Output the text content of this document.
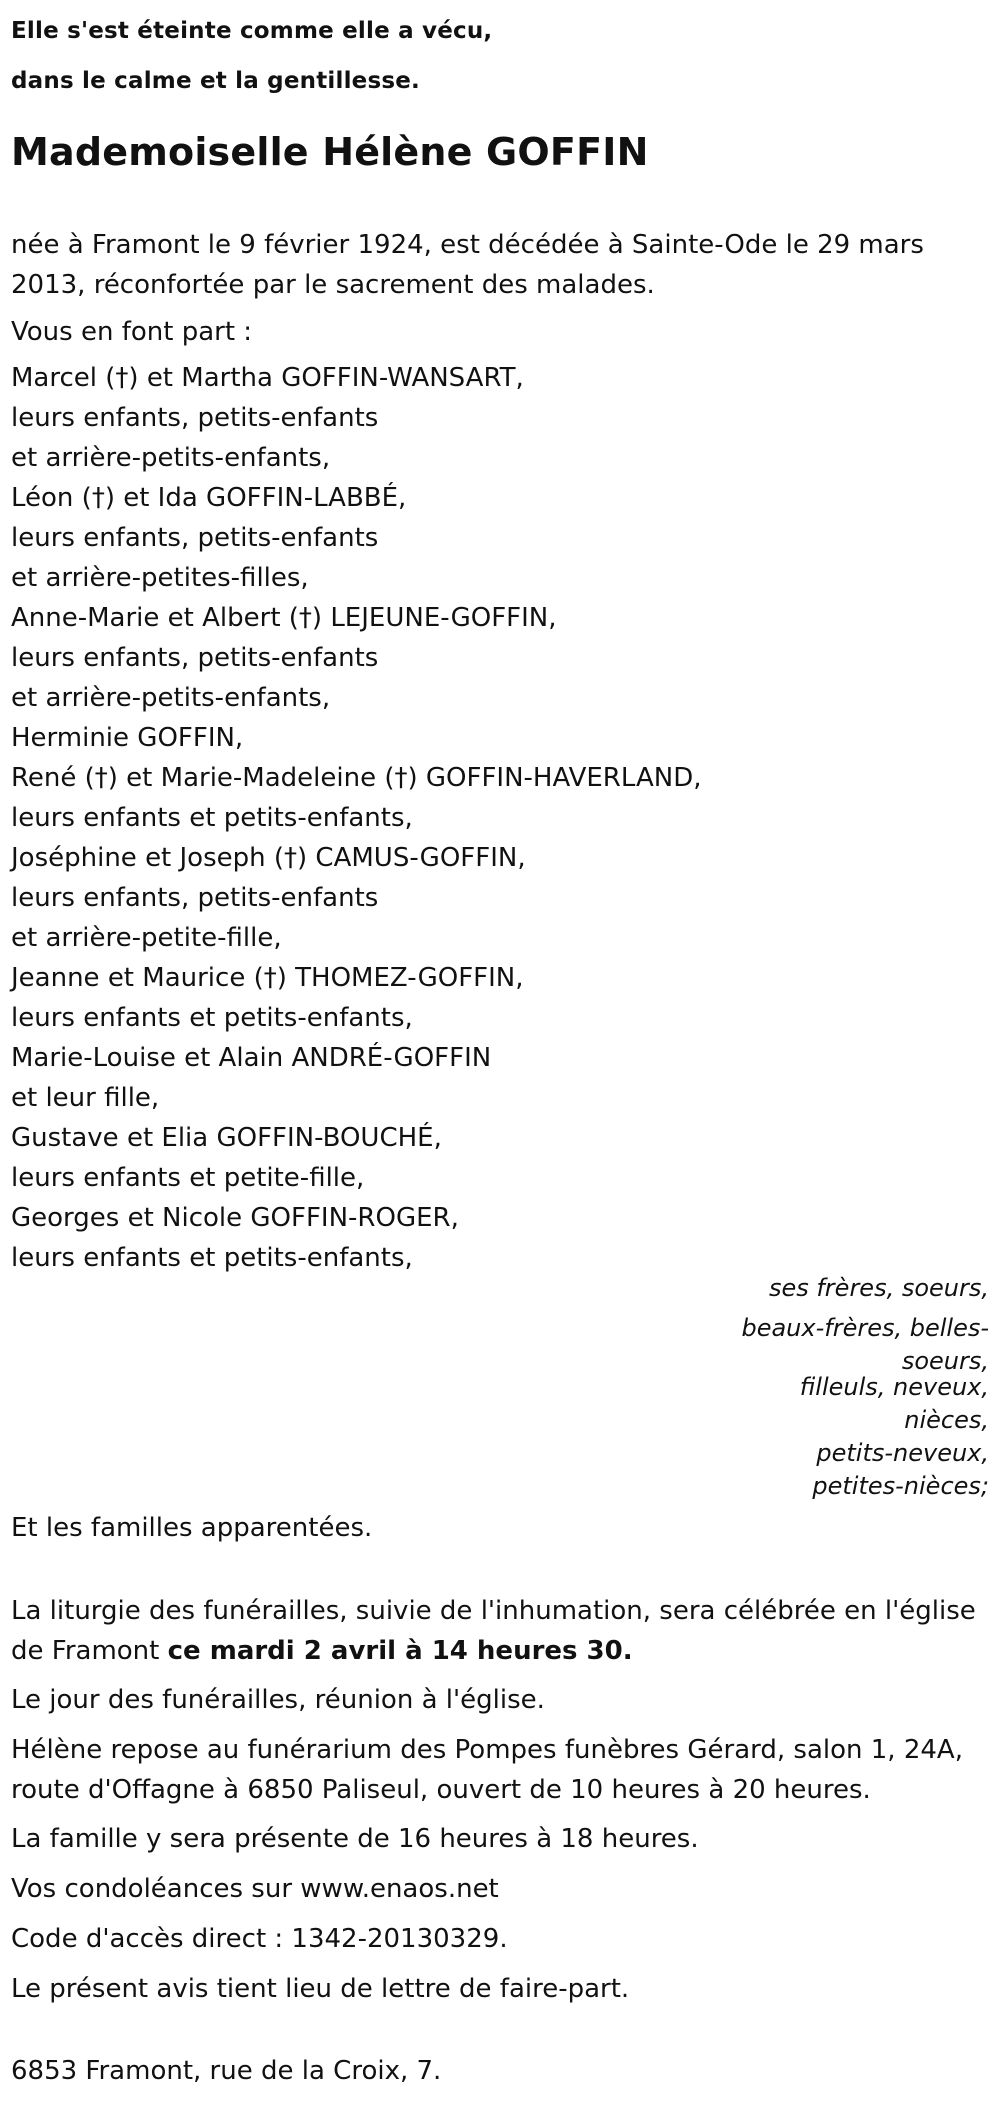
Elle s'est éteinte comme elle a vécu,
dans le calme et la gentillesse.
Mademoiselle Hélène GOFFIN
née à Framont le 9 février 1924, est décédée à Sainte-Ode le 29 mars
2013, réconfortée par le sacrement des malades.
Vous en font part :
Marcel (†) et Martha GOFFIN-WANSART,
leurs enfants, petits-enfants
et arrière-petits-enfants,
Léon (†) et Ida GOFFIN-LABBÉ,
leurs enfants, petits-enfants
et arrière-petites-filles,
Anne-Marie et Albert (†) LEJEUNE-GOFFIN,
leurs enfants, petits-enfants
et arrière-petits-enfants,
Herminie GOFFIN,
René (†) et Marie-Madeleine (†) GOFFIN-HAVERLAND,
leurs enfants et petits-enfants,
Joséphine et Joseph (†) CAMUS-GOFFIN,
leurs enfants, petits-enfants
et arrière-petite-fille,
Jeanne et Maurice (†) THOMEZ-GOFFIN,
leurs enfants et petits-enfants,
Marie-Louise et Alain ANDRÉ-GOFFIN
et leur fille,
Gustave et Elia GOFFIN-BOUCHÉ,
leurs enfants et petite-fille,
Georges et Nicole GOFFIN-ROGER,
leurs enfants et petits-enfants,
ses frères, soeurs,
beaux-frères, belles-
soeurs,
filleuls, neveux,
nièces,
petits-neveux,
petites-nièces;
Et les familles apparentées.
La liturgie des funérailles, suivie de l'inhumation, sera célébrée en l'église
de Framont ce mardi 2 avril à 14 heures 30.
Le jour des funérailles, réunion à l'église.
Hélène repose au funérarium des Pompes funèbres Gérard, salon 1, 24A,
route d'Offagne à 6850 Paliseul, ouvert de 10 heures à 20 heures.
La famille y sera présente de 16 heures à 18 heures.
Vos condoléances sur www.enaos.net
Code d'accès direct : 1342-20130329.
Le présent avis tient lieu de lettre de faire-part.
6853 Framont, rue de la Croix, 7.
